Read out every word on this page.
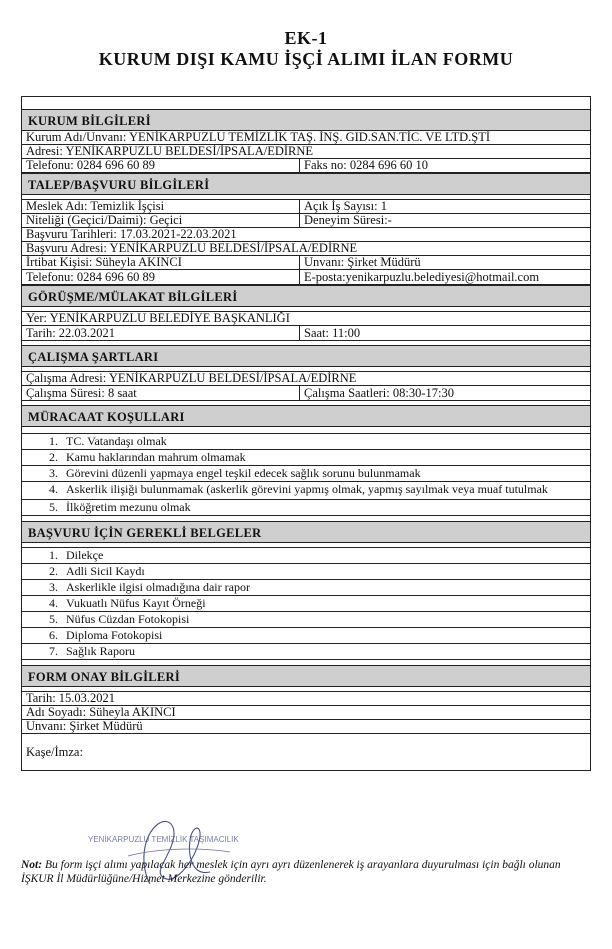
EK-1
KURUM DIŞI KAMU İŞÇİ ALIMI İLAN FORMU
KURUM BİLGİLERİ
Kurum Adı/Unvanı: YENİKARPUZLU TEMİZLİK TAŞ. İNŞ. GID.SAN.TİC. VE LTD.ŞTİ
Adresi: YENİKARPUZLU BELDESİ/İPSALA/EDİRNE
Telefonu: 0284 696 60 89	Faks no: 0284 696 60 10
TALEP/BAŞVURU BİLGİLERİ
Meslek Adı: Temizlik İşçisi	Açık İş Sayısı: 1
Niteliği (Geçici/Daimi): Geçici	Deneyim Süresi:-
Başvuru Tarihleri: 17.03.2021-22.03.2021
Başvuru Adresi: YENİKARPUZLU BELDESİ/İPSALA/EDİRNE
İrtibat Kişisi: Süheyla AKINCI	Unvanı: Şirket Müdürü
Telefonu: 0284 696 60 89	E-posta:yenikarpuzlu.belediyesi@hotmail.com
GÖRÜŞME/MÜLAKAT BİLGİLERİ
Yer: YENİKARPUZLU BELEDİYE BAŞKANLIĞI
Tarih: 22.03.2021	Saat: 11:00
ÇALIŞMA ŞARTLARI
Çalışma Adresi: YENİKARPUZLU BELDESİ/İPSALA/EDİRNE
Çalışma Süresi: 8 saat	Çalışma Saatleri: 08:30-17:30
MÜRACAAT KOŞULLARI
1. TC. Vatandaşı olmak
2. Kamu haklarından mahrum olmamak
3. Görevini düzenli yapmaya engel teşkil edecek sağlık sorunu bulunmamak
4. Askerlik ilişiği bulunmamak (askerlik görevini yapmış olmak, yapmış sayılmak veya muaf tutulmak
5. İlköğretim mezunu olmak
BAŞVURU İÇİN GEREKLİ BELGELER
1. Dilekçe
2. Adli Sicil Kaydı
3. Askerlikle ilgisi olmadığına dair rapor
4. Vukuatlı Nüfus Kayıt Örneği
5. Nüfus Cüzdan Fotokopisi
6. Diploma Fotokopisi
7. Sağlık Raporu
FORM ONAY BİLGİLERİ
Tarih: 15.03.2021
Adı Soyadı: Süheyla AKINCI
Unvanı: Şirket Müdürü
Kaşe/İmza:
YENİKARPUZLU TEMİZLİK TAŞIMACILIK
Not: Bu form işçi alımı yapılacak her meslek için ayrı ayrı düzenlenerek iş arayanlara duyurulması için bağlı olunan İŞKUR İl Müdürlüğüne/Hizmet Merkezine gönderilir.
